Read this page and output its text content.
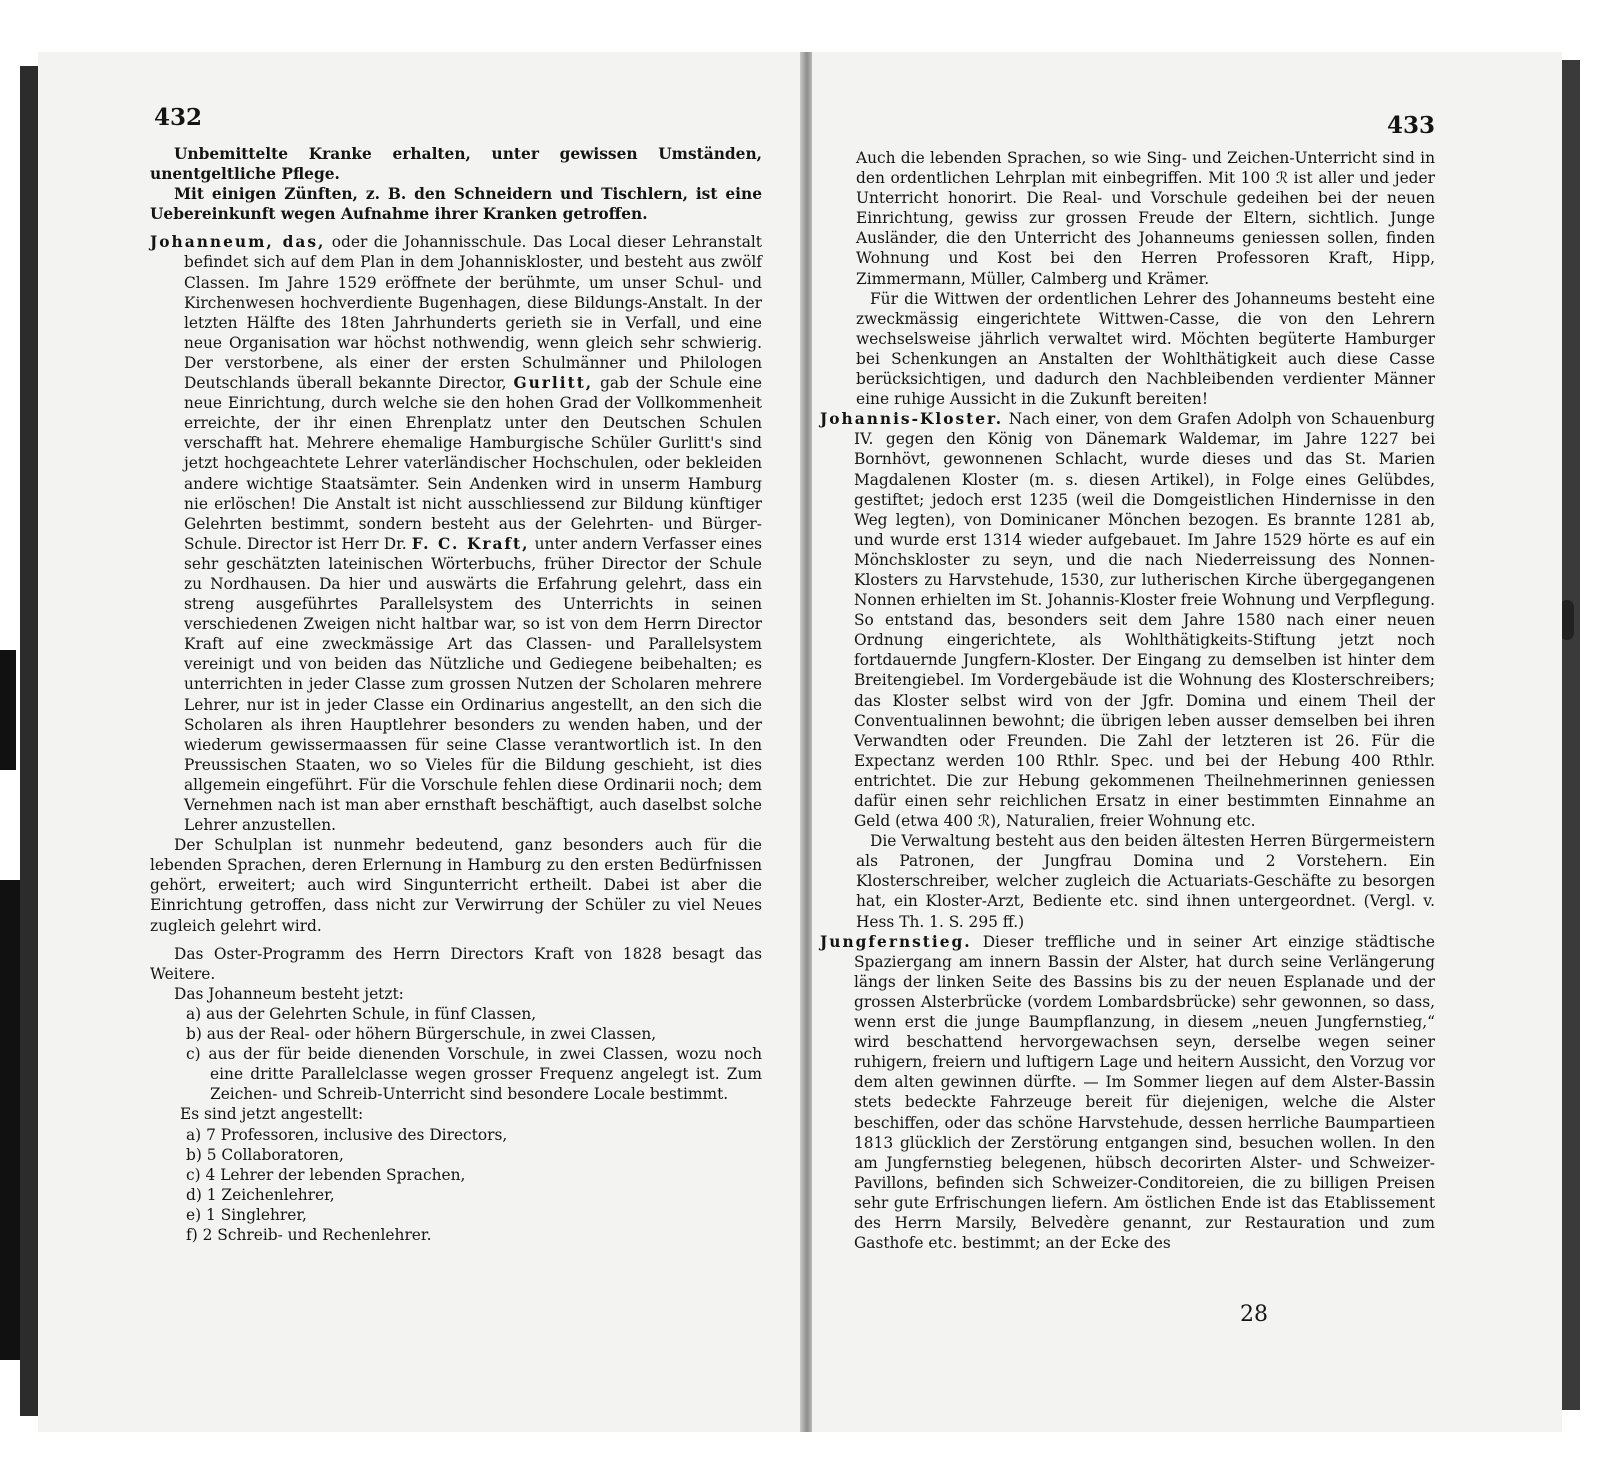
432

Unbemittelte Kranke erhalten, unter gewissen Umständen, unentgeltliche Pflege.

Mit einigen Zünften, z. B. den Schneidern und Tischlern, ist eine Uebereinkunft wegen Aufnahme ihrer Kranken getroffen.

Johanneum, das, oder die Johannisschule. Das Local dieser Lehranstalt befindet sich auf dem Plan in dem Johanniskloster, und besteht aus zwölf Classen. Im Jahre 1529 eröffnete der berühmte, um unser Schul- und Kirchenwesen hochverdiente Bugenhagen, diese Bildungs-Anstalt. In der letzten Hälfte des 18ten Jahrhunderts gerieth sie in Verfall, und eine neue Organisation war höchst nothwendig, wenn gleich sehr schwierig. Der verstorbene, als einer der ersten Schulmänner und Philologen Deutschlands überall bekannte Director, Gurlitt, gab der Schule eine neue Einrichtung, durch welche sie den hohen Grad der Vollkommenheit erreichte, der ihr einen Ehrenplatz unter den Deutschen Schulen verschafft hat. Mehrere ehemalige Hamburgische Schüler Gurlitt's sind jetzt hochgeachtete Lehrer vaterländischer Hochschulen, oder bekleiden andere wichtige Staatsämter. Sein Andenken wird in unserm Hamburg nie erlöschen! Die Anstalt ist nicht ausschliessend zur Bildung künftiger Gelehrten bestimmt, sondern besteht aus der Gelehrten- und Bürger-Schule. Director ist Herr Dr. F. C. Kraft, unter andern Verfasser eines sehr geschätzten lateinischen Wörterbuchs, früher Director der Schule zu Nordhausen. Da hier und auswärts die Erfahrung gelehrt, dass ein streng ausgeführtes Parallelsystem des Unterrichts in seinen verschiedenen Zweigen nicht haltbar war, so ist von dem Herrn Director Kraft auf eine zweckmässige Art das Classen- und Parallelsystem vereinigt und von beiden das Nützliche und Gediegene beibehalten; es unterrichten in jeder Classe zum grossen Nutzen der Scholaren mehrere Lehrer, nur ist in jeder Classe ein Ordinarius angestellt, an den sich die Scholaren als ihren Hauptlehrer besonders zu wenden haben, und der wiederum gewissermaassen für seine Classe verantwortlich ist. In den Preussischen Staaten, wo so Vieles für die Bildung geschieht, ist dies allgemein eingeführt. Für die Vorschule fehlen diese Ordinarii noch; dem Vernehmen nach ist man aber ernsthaft beschäftigt, auch daselbst solche Lehrer anzustellen.

Der Schulplan ist nunmehr bedeutend, ganz besonders auch für die lebenden Sprachen, deren Erlernung in Hamburg zu den ersten Bedürfnissen gehört, erweitert; auch wird Singunterricht ertheilt. Dabei ist aber die Einrichtung getroffen, dass nicht zur Verwirrung der Schüler zu viel Neues zugleich gelehrt wird.

Das Oster-Programm des Herrn Directors Kraft von 1828 besagt das Weitere.

Das Johanneum besteht jetzt:
a) aus der Gelehrten Schule, in fünf Classen,
b) aus der Real- oder höhern Bürgerschule, in zwei Classen,
c) aus der für beide dienenden Vorschule, in zwei Classen, wozu noch eine dritte Parallelclasse wegen grosser Frequenz angelegt ist. Zum Zeichen- und Schreib-Unterricht sind besondere Locale bestimmt.
Es sind jetzt angestellt:
a) 7 Professoren, inclusive des Directors,
b) 5 Collaboratoren,
c) 4 Lehrer der lebenden Sprachen,
d) 1 Zeichenlehrer,
e) 1 Singlehrer,
f) 2 Schreib- und Rechenlehrer.
433

Auch die lebenden Sprachen, so wie Sing- und Zeichen-Unterricht sind in den ordentlichen Lehrplan mit einbegriffen. Mit 100 ℛ ist aller und jeder Unterricht honorirt. Die Real- und Vorschule gedeihen bei der neuen Einrichtung, gewiss zur grossen Freude der Eltern, sichtlich. Junge Ausländer, die den Unterricht des Johanneums geniessen sollen, finden Wohnung und Kost bei den Herren Professoren Kraft, Hipp, Zimmermann, Müller, Calmberg und Krämer.

Für die Wittwen der ordentlichen Lehrer des Johanneums besteht eine zweckmässig eingerichtete Wittwen-Casse, die von den Lehrern wechselsweise jährlich verwaltet wird. Möchten begüterte Hamburger bei Schenkungen an Anstalten der Wohlthätigkeit auch diese Casse berücksichtigen, und dadurch den Nachbleibenden verdienter Männer eine ruhige Aussicht in die Zukunft bereiten!

Johannis-Kloster. Nach einer, von dem Grafen Adolph von Schauenburg IV. gegen den König von Dänemark Waldemar, im Jahre 1227 bei Bornhövt, gewonnenen Schlacht, wurde dieses und das St. Marien Magdalenen Kloster (m. s. diesen Artikel), in Folge eines Gelübdes, gestiftet; jedoch erst 1235 (weil die Domgeistlichen Hindernisse in den Weg legten), von Dominicaner Mönchen bezogen. Es brannte 1281 ab, und wurde erst 1314 wieder aufgebauet. Im Jahre 1529 hörte es auf ein Mönchskloster zu seyn, und die nach Niederreissung des Nonnen-Klosters zu Harvstehude, 1530, zur lutherischen Kirche übergegangenen Nonnen erhielten im St. Johannis-Kloster freie Wohnung und Verpflegung. So entstand das, besonders seit dem Jahre 1580 nach einer neuen Ordnung eingerichtete, als Wohlthätigkeits-Stiftung jetzt noch fortdauernde Jungfern-Kloster. Der Eingang zu demselben ist hinter dem Breitengiebel. Im Vordergebäude ist die Wohnung des Klosterschreibers; das Kloster selbst wird von der Jgfr. Domina und einem Theil der Conventualinnen bewohnt; die übrigen leben ausser demselben bei ihren Verwandten oder Freunden. Die Zahl der letzteren ist 26. Für die Expectanz werden 100 Rthlr. Spec. und bei der Hebung 400 Rthlr. entrichtet. Die zur Hebung gekommenen Theilnehmerinnen geniessen dafür einen sehr reichlichen Ersatz in einer bestimmten Einnahme an Geld (etwa 400 ℛ), Naturalien, freier Wohnung etc.

Die Verwaltung besteht aus den beiden ältesten Herren Bürgermeistern als Patronen, der Jungfrau Domina und 2 Vorstehern. Ein Klosterschreiber, welcher zugleich die Actuariats-Geschäfte zu besorgen hat, ein Kloster-Arzt, Bediente etc. sind ihnen untergeordnet. (Vergl. v. Hess Th. 1. S. 295 ff.)

Jungfernstieg. Dieser treffliche und in seiner Art einzige städtische Spaziergang am innern Bassin der Alster, hat durch seine Verlängerung längs der linken Seite des Bassins bis zu der neuen Esplanade und der grossen Alsterbrücke (vordem Lombardsbrücke) sehr gewonnen, so dass, wenn erst die junge Baumpflanzung, in diesem „neuen Jungfernstieg,“ wird beschattend hervorgewachsen seyn, derselbe wegen seiner ruhigern, freiern und luftigern Lage und heitern Aussicht, den Vorzug vor dem alten gewinnen dürfte. — Im Sommer liegen auf dem Alster-Bassin stets bedeckte Fahrzeuge bereit für diejenigen, welche die Alster beschiffen, oder das schöne Harvstehude, dessen herrliche Baumpartieen 1813 glücklich der Zerstörung entgangen sind, besuchen wollen. In den am Jungfernstieg belegenen, hübsch decorirten Alster- und Schweizer-Pavillons, befinden sich Schweizer-Conditoreien, die zu billigen Preisen sehr gute Erfrischungen liefern. Am östlichen Ende ist das Etablissement des Herrn Marsily, Belvedère genannt, zur Restauration und zum Gasthofe etc. bestimmt; an der Ecke des

28
